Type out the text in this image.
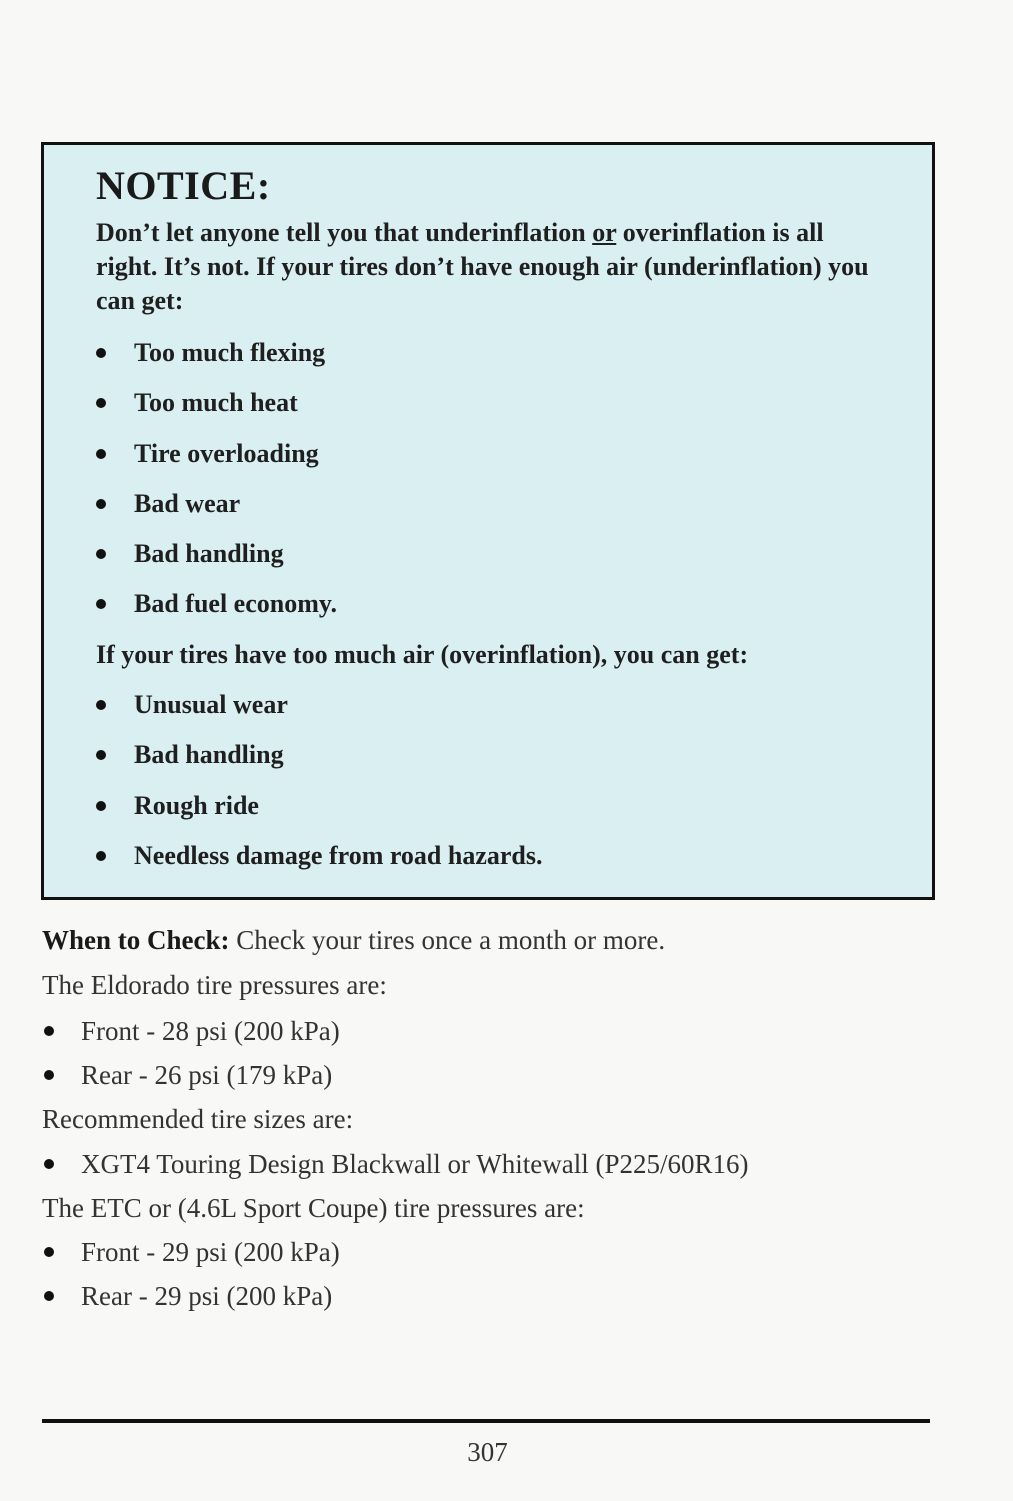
NOTICE:

Don’t let anyone tell you that underinflation or overinflation is all right. It’s not. If your tires don’t have enough air (underinflation) you can get:

Too much flexing
Too much heat
Tire overloading
Bad wear
Bad handling
Bad fuel economy.

If your tires have too much air (overinflation), you can get:

Unusual wear
Bad handling
Rough ride
Needless damage from road hazards.

When to Check: Check your tires once a month or more.

The Eldorado tire pressures are:

Front - 28 psi (200 kPa)
Rear - 26 psi (179 kPa)

Recommended tire sizes are:

XGT4 Touring Design Blackwall or Whitewall (P225/60R16)

The ETC or (4.6L Sport Coupe) tire pressures are:

Front - 29 psi (200 kPa)
Rear - 29 psi (200 kPa)
307
